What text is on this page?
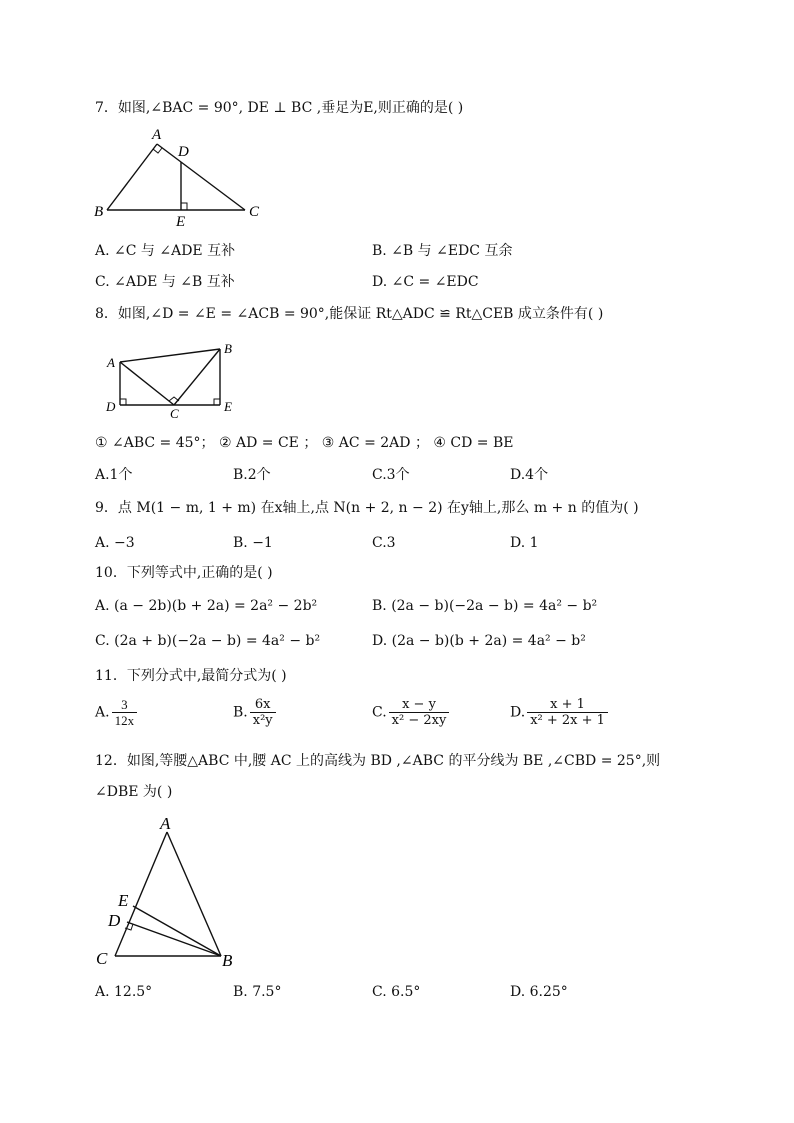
7．如图,∠BAC = 90°, DE ⊥ BC ,垂足为E,则正确的是( )
A
D
B	C
E
A. ∠C 与 ∠ADE 互补	B. ∠B 与 ∠EDC 互余
C. ∠ADE 与 ∠B 互补	D. ∠C = ∠EDC
8．如图,∠D = ∠E = ∠ACB = 90°,能保证 Rt△ADC ≌ Rt△CEB 成立条件有( )
A
B
D	C	E
① ∠ABC = 45°； ② AD = CE ； ③ AC = 2AD ； ④ CD = BE
A.1个	B.2个	C.3个	D.4个
9．点 M(1 − m, 1 + m) 在x轴上,点 N(n + 2, n − 2) 在y轴上,那么 m + n 的值为( )
A. −3	B. −1	C.3	D. 1
10．下列等式中,正确的是( )
A. (a − 2b)(b + 2a) = 2a² − 2b²	B. (2a − b)(−2a − b) = 4a² − b²
C. (2a + b)(−2a − b) = 4a² − b²	D. (2a − b)(b + 2a) = 4a² − b²
11．下列分式中,最简分式为( )
A. $\frac{3}{12x}$	B. $\frac{6x}{\text{x²y}}$	C. $\frac{x - y}{\text{x² − 2xy}}$	D. $\frac{x + 1}{\text{x² + 2x + 1}}$
12．如图,等腰△ABC 中,腰 AC 上的高线为 BD ,∠ABC 的平分线为 BE ,∠CBD = 25°,则
∠DBE 为( )
A
E
D
C	B
A. 12.5°	B. 7.5°	C. 6.5°	D. 6.25°
